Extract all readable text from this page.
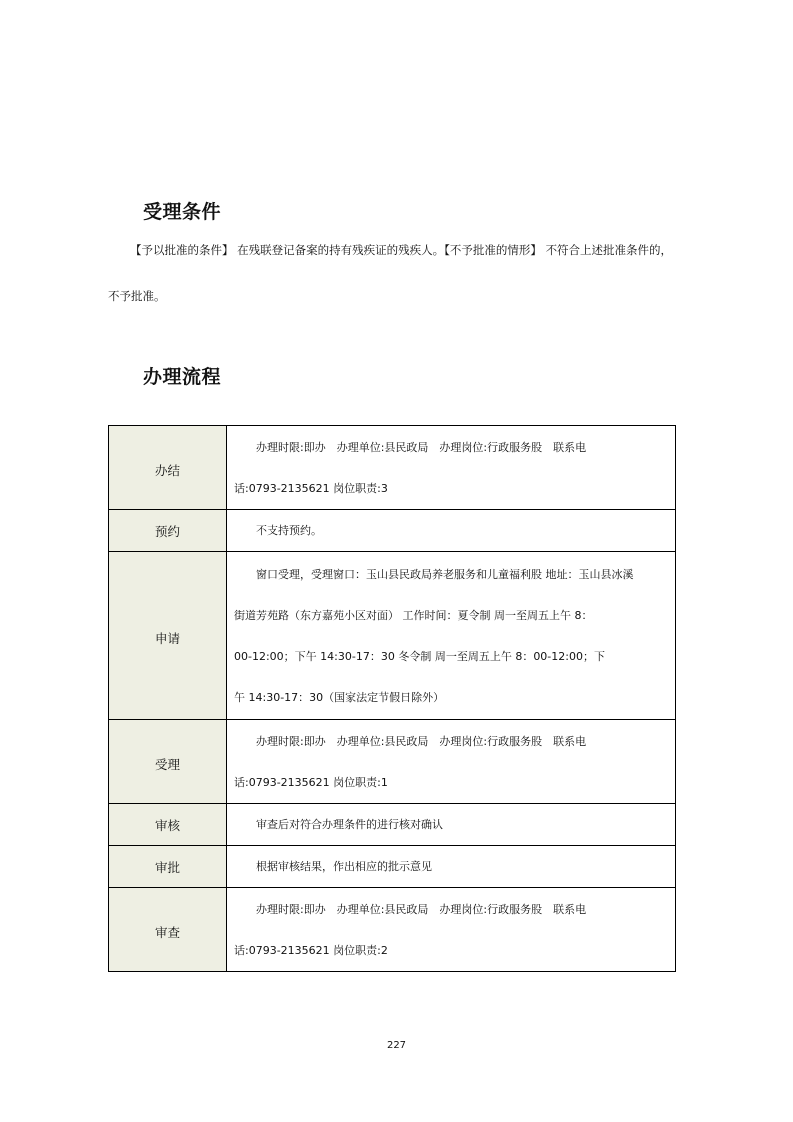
受理条件

【予以批准的条件】 在残联登记备案的持有残疾证的残疾人。【不予批准的情形】 不符合上述批准条件的，
不予批准。

办理流程
办结	办理时限:即办　办理单位:县民政局　办理岗位:行政服务股　联系电
话:0793-2135621 岗位职责:3

预约	不支持预约。

申请	窗口受理，受理窗口：玉山县民政局养老服务和儿童福利股 地址：玉山县冰溪
街道芳苑路（东方嘉苑小区对面） 工作时间：夏令制 周一至周五上午 8：
00-12:00；下午 14:30-17：30 冬令制 周一至周五上午 8：00-12:00；下
午 14:30-17：30（国家法定节假日除外）

受理	办理时限:即办　办理单位:县民政局　办理岗位:行政服务股　联系电
话:0793-2135621 岗位职责:1

审核	审查后对符合办理条件的进行核对确认

审批	根据审核结果，作出相应的批示意见

审查	办理时限:即办　办理单位:县民政局　办理岗位:行政服务股　联系电
话:0793-2135621 岗位职责:2
227
